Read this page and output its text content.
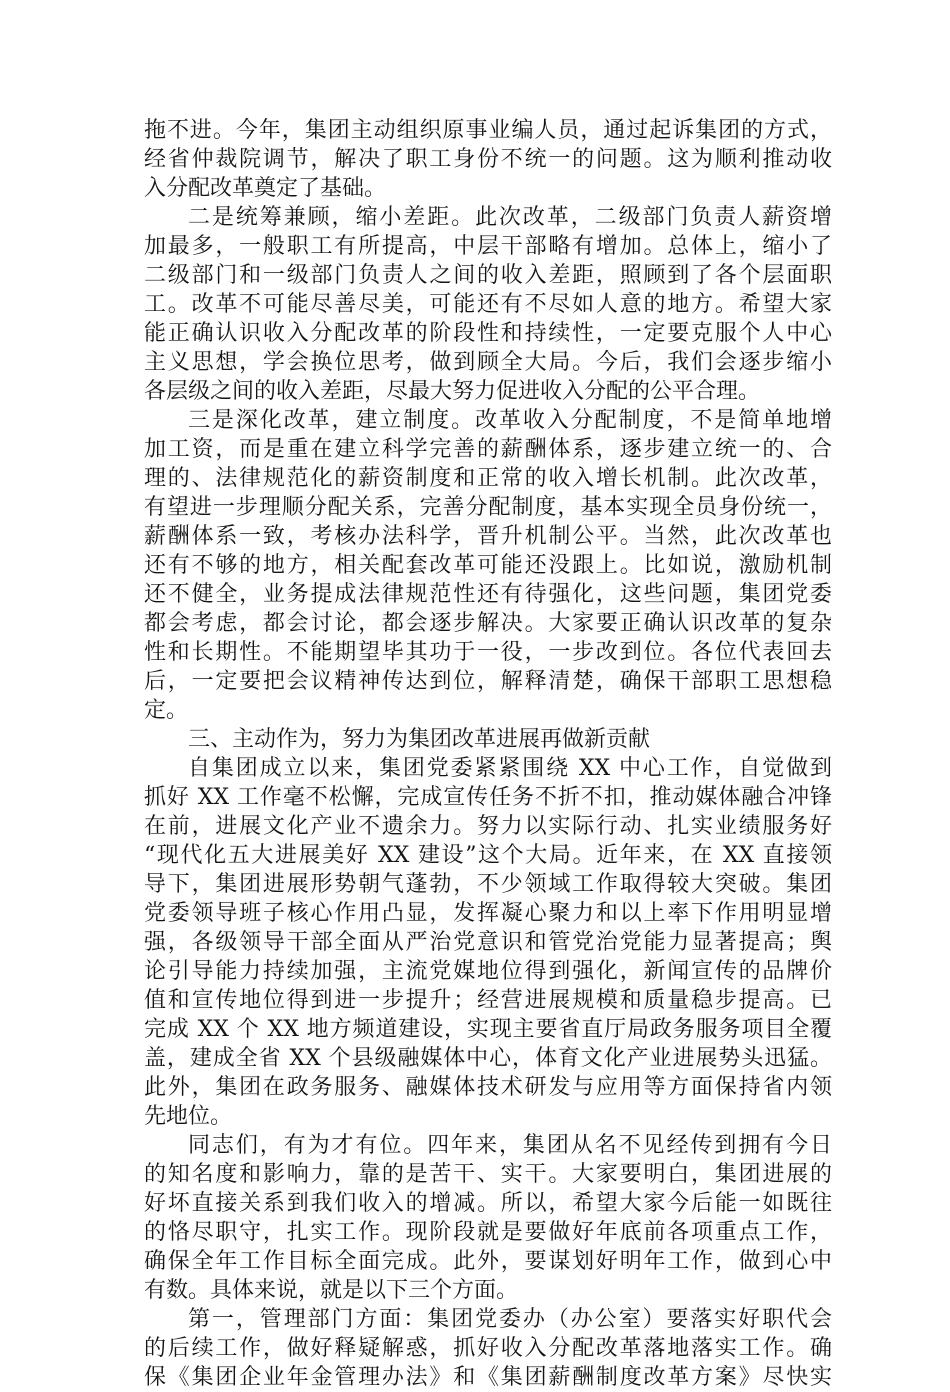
拖不进。今年，集团主动组织原事业编人员，通过起诉集团的方式，
经省仲裁院调节，解决了职工身份不统一的问题。这为顺利推动收
入分配改革奠定了基础。
二是统筹兼顾，缩小差距。此次改革，二级部门负责人薪资增
加最多，一般职工有所提高，中层干部略有增加。总体上，缩小了
二级部门和一级部门负责人之间的收入差距，照顾到了各个层面职
工。改革不可能尽善尽美，可能还有不尽如人意的地方。希望大家
能正确认识收入分配改革的阶段性和持续性，一定要克服个人中心
主义思想，学会换位思考，做到顾全大局。今后，我们会逐步缩小
各层级之间的收入差距，尽最大努力促进收入分配的公平合理。
三是深化改革，建立制度。改革收入分配制度，不是简单地增
加工资，而是重在建立科学完善的薪酬体系，逐步建立统一的、合
理的、法律规范化的薪资制度和正常的收入增长机制。此次改革，
有望进一步理顺分配关系，完善分配制度，基本实现全员身份统一，
薪酬体系一致，考核办法科学，晋升机制公平。当然，此次改革也
还有不够的地方，相关配套改革可能还没跟上。比如说，激励机制
还不健全，业务提成法律规范性还有待强化，这些问题，集团党委
都会考虑，都会讨论，都会逐步解决。大家要正确认识改革的复杂
性和长期性。不能期望毕其功于一役，一步改到位。各位代表回去
后，一定要把会议精神传达到位，解释清楚，确保干部职工思想稳
定。
三、主动作为，努力为集团改革进展再做新贡献
自集团成立以来，集团党委紧紧围绕 XX 中心工作，自觉做到
抓好 XX 工作毫不松懈，完成宣传任务不折不扣，推动媒体融合冲锋
在前，进展文化产业不遗余力。努力以实际行动、扎实业绩服务好
“现代化五大进展美好 XX 建设”这个大局。近年来，在 XX 直接领
导下，集团进展形势朝气蓬勃，不少领域工作取得较大突破。集团
党委领导班子核心作用凸显，发挥凝心聚力和以上率下作用明显增
强，各级领导干部全面从严治党意识和管党治党能力显著提高；舆
论引导能力持续加强，主流党媒地位得到强化，新闻宣传的品牌价
值和宣传地位得到进一步提升；经营进展规模和质量稳步提高。已
完成 XX 个 XX 地方频道建设，实现主要省直厅局政务服务项目全覆
盖，建成全省 XX 个县级融媒体中心，体育文化产业进展势头迅猛。
此外，集团在政务服务、融媒体技术研发与应用等方面保持省内领
先地位。
同志们，有为才有位。四年来，集团从名不见经传到拥有今日
的知名度和影响力，靠的是苦干、实干。大家要明白，集团进展的
好坏直接关系到我们收入的增减。所以，希望大家今后能一如既往
的恪尽职守，扎实工作。现阶段就是要做好年底前各项重点工作，
确保全年工作目标全面完成。此外，要谋划好明年工作，做到心中
有数。具体来说，就是以下三个方面。
第一，管理部门方面：集团党委办（办公室）要落实好职代会
的后续工作，做好释疑解惑，抓好收入分配改革落地落实工作。确
保《集团企业年金管理办法》和《集团薪酬制度改革方案》尽快实
